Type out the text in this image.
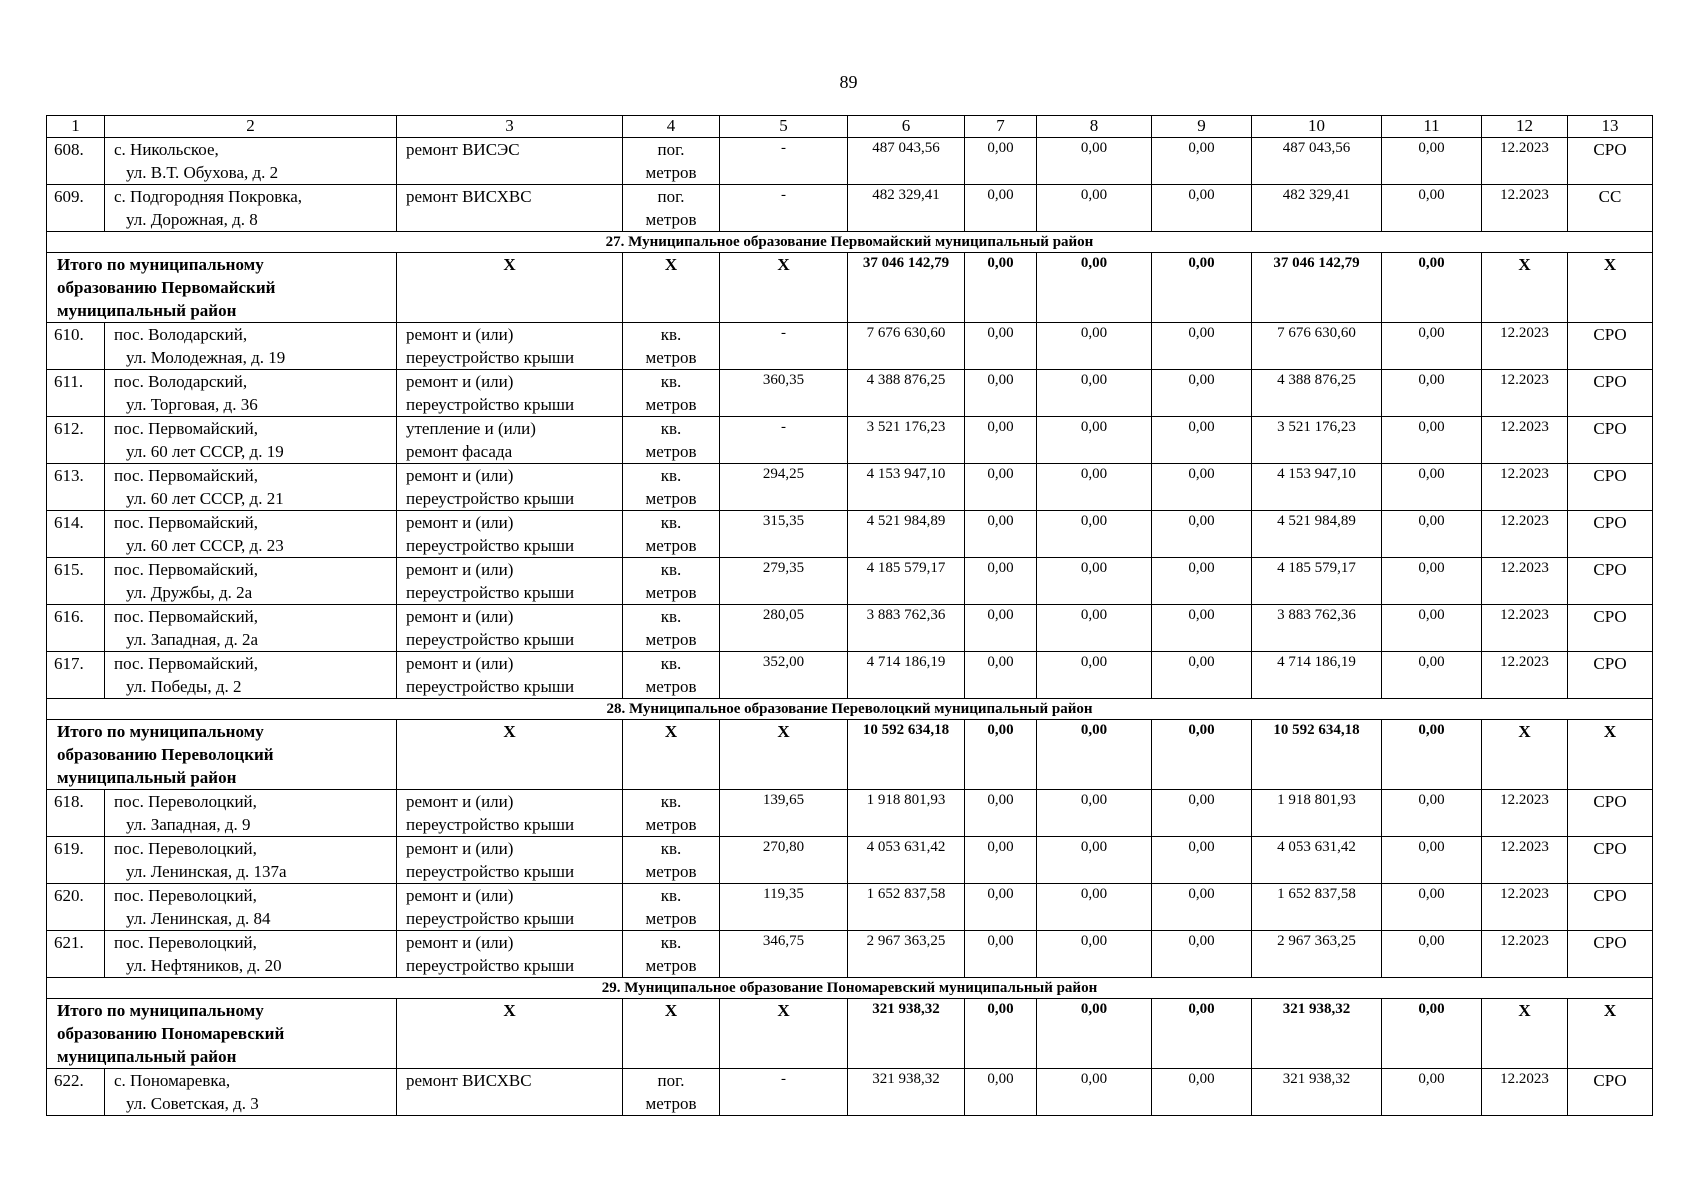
89
1	2	3	4	5	6	7	8	9	10	11	12	13
608.	с. Никольское,
ул. В.Т. Обухова, д. 2	ремонт ВИСЭС	пог.
метров	-	487 043,56	0,00	0,00	0,00	487 043,56	0,00	12.2023	СРО
609.	с. Подгородняя Покровка,
ул. Дорожная, д. 8	ремонт ВИСХВС	пог.
метров	-	482 329,41	0,00	0,00	0,00	482 329,41	0,00	12.2023	СС
27. Муниципальное образование Первомайский муниципальный район												

Итого по муниципальному
образованию Первомайский
муниципальный район		Х	Х	Х	37 046 142,79	0,00	0,00	0,00	37 046 142,79	0,00	Х	Х
610.	пос. Володарский,
ул. Молодежная, д. 19	ремонт и (или)
переустройство крыши	кв.
метров	-	7 676 630,60	0,00	0,00	0,00	7 676 630,60	0,00	12.2023	СРО
611.	пос. Володарский,
ул. Торговая, д. 36	ремонт и (или)
переустройство крыши	кв.
метров	360,35	4 388 876,25	0,00	0,00	0,00	4 388 876,25	0,00	12.2023	СРО
612.	пос. Первомайский,
ул. 60 лет СССР, д. 19	утепление и (или)
ремонт фасада	кв.
метров	-	3 521 176,23	0,00	0,00	0,00	3 521 176,23	0,00	12.2023	СРО
613.	пос. Первомайский,
ул. 60 лет СССР, д. 21	ремонт и (или)
переустройство крыши	кв.
метров	294,25	4 153 947,10	0,00	0,00	0,00	4 153 947,10	0,00	12.2023	СРО
614.	пос. Первомайский,
ул. 60 лет СССР, д. 23	ремонт и (или)
переустройство крыши	кв.
метров	315,35	4 521 984,89	0,00	0,00	0,00	4 521 984,89	0,00	12.2023	СРО
615.	пос. Первомайский,
ул. Дружбы, д. 2а	ремонт и (или)
переустройство крыши	кв.
метров	279,35	4 185 579,17	0,00	0,00	0,00	4 185 579,17	0,00	12.2023	СРО
616.	пос. Первомайский,
ул. Западная, д. 2а	ремонт и (или)
переустройство крыши	кв.
метров	280,05	3 883 762,36	0,00	0,00	0,00	3 883 762,36	0,00	12.2023	СРО
617.	пос. Первомайский,
ул. Победы, д. 2	ремонт и (или)
переустройство крыши	кв.
метров	352,00	4 714 186,19	0,00	0,00	0,00	4 714 186,19	0,00	12.2023	СРО
28. Муниципальное образование Переволоцкий муниципальный район												

Итого по муниципальному
образованию Переволоцкий
муниципальный район		Х	Х	Х	10 592 634,18	0,00	0,00	0,00	10 592 634,18	0,00	Х	Х
618.	пос. Переволоцкий,
ул. Западная, д. 9	ремонт и (или)
переустройство крыши	кв.
метров	139,65	1 918 801,93	0,00	0,00	0,00	1 918 801,93	0,00	12.2023	СРО
619.	пос. Переволоцкий,
ул. Ленинская, д. 137а	ремонт и (или)
переустройство крыши	кв.
метров	270,80	4 053 631,42	0,00	0,00	0,00	4 053 631,42	0,00	12.2023	СРО
620.	пос. Переволоцкий,
ул. Ленинская, д. 84	ремонт и (или)
переустройство крыши	кв.
метров	119,35	1 652 837,58	0,00	0,00	0,00	1 652 837,58	0,00	12.2023	СРО
621.	пос. Переволоцкий,
ул. Нефтяников, д. 20	ремонт и (или)
переустройство крыши	кв.
метров	346,75	2 967 363,25	0,00	0,00	0,00	2 967 363,25	0,00	12.2023	СРО
29. Муниципальное образование Пономаревский муниципальный район												

Итого по муниципальному
образованию Пономаревский
муниципальный район		Х	Х	Х	321 938,32	0,00	0,00	0,00	321 938,32	0,00	Х	Х
622.	с. Пономаревка,
ул. Советская, д. 3	ремонт ВИСХВС	пог.
метров	-	321 938,32	0,00	0,00	0,00	321 938,32	0,00	12.2023	СРО
